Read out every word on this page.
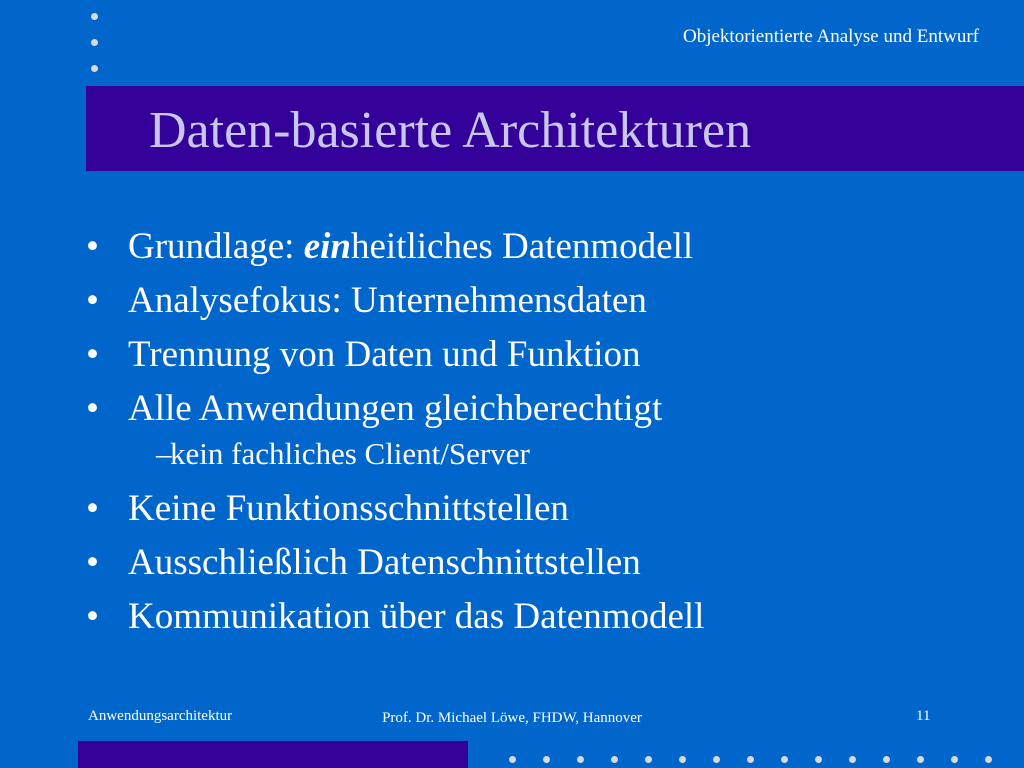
Objektorientierte Analyse und Entwurf
Daten-basierte Architekturen
• Grundlage: einheitliches Datenmodell
• Analysefokus: Unternehmensdaten
• Trennung von Daten und Funktion
• Alle Anwendungen gleichberechtigt
–
kein fachliches Client/Server
• Keine Funktionsschnittstellen
• Ausschließlich Datenschnittstellen
• Kommunikation über das Datenmodell
Anwendungsarchitektur	Prof. Dr. Michael Löwe, FHDW, Hannover	11
